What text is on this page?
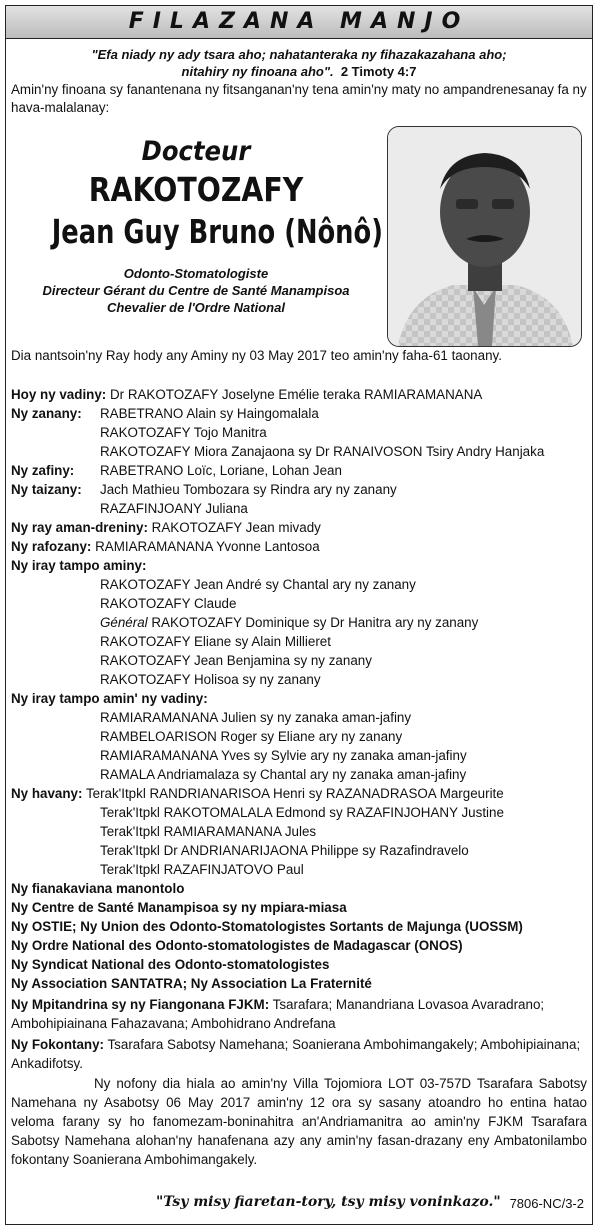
FILAZANA MANJO
"Efa niady ny ady tsara aho; nahatanteraka ny fihazakazahana aho;
nitahiry ny finoana aho". 2 Timoty 4:7
Amin'ny finoana sy fanantenana ny fitsanganan'ny tena amin'ny maty no ampandrenesanay fa ny hava-malalanay:
Docteur
RAKOTOZAFY
Jean Guy Bruno (Nônô)
Odonto-Stomatologiste
Directeur Gérant du Centre de Santé Manampisoa
Chevalier de l'Ordre National
Dia nantsoin'ny Ray hody any Aminy ny 03 May 2017 teo amin'ny faha-61 taonany.
Hoy ny vadiny: Dr RAKOTOZAFY Joselyne Emélie teraka RAMIARAMANANA
Ny zanany: RABETRANO Alain sy Haingomalala
RAKOTOZAFY Tojo Manitra
RAKOTOZAFY Miora Zanajaona sy Dr RANAIVOSON Tsiry Andry Hanjaka
Ny zafiny: RABETRANO Loïc, Loriane, Lohan Jean
Ny taizany: Jach Mathieu Tombozara sy Rindra ary ny zanany
RAZAFINJOANY Juliana
Ny ray aman-dreniny: RAKOTOZAFY Jean mivady
Ny rafozany: RAMIARAMANANA Yvonne Lantosoa
Ny iray tampo aminy:
RAKOTOZAFY Jean André sy Chantal ary ny zanany
RAKOTOZAFY Claude
Général RAKOTOZAFY Dominique sy Dr Hanitra ary ny zanany
RAKOTOZAFY Eliane sy Alain Millieret
RAKOTOZAFY Jean Benjamina sy ny zanany
RAKOTOZAFY Holisoa sy ny zanany
Ny iray tampo amin' ny vadiny:
RAMIARAMANANA Julien sy ny zanaka aman-jafiny
RAMBELOARISON Roger sy Eliane ary ny zanany
RAMIARAMANANA Yves sy Sylvie ary ny zanaka aman-jafiny
RAMALA Andriamalaza sy Chantal ary ny zanaka aman-jafiny
Ny havany: Terak'Itpkl RANDRIANARISOA Henri sy RAZANADRASOA Margeurite
Terak'Itpkl RAKOTOMALALA Edmond sy RAZAFINJOHANY Justine
Terak'Itpkl RAMIARAMANANA Jules
Terak'Itpkl Dr ANDRIANARIJAONA Philippe sy Razafindravelo
Terak'Itpkl RAZAFINJATOVO Paul
Ny fianakaviana manontolo
Ny Centre de Santé Manampisoa sy ny mpiara-miasa
Ny OSTIE; Ny Union des Odonto-Stomatologistes Sortants de Majunga (UOSSM)
Ny Ordre National des Odonto-stomatologistes de Madagascar (ONOS)
Ny Syndicat National des Odonto-stomatologistes
Ny Association SANTATRA; Ny Association La Fraternité
Ny Mpitandrina sy ny Fiangonana FJKM: Tsarafara; Manandriana Lovasoa Avaradrano; Ambohipiainana Fahazavana; Ambohidrano Andrefana
Ny Fokontany: Tsarafara Sabotsy Namehana; Soanierana Ambohimangakely; Ambohipiainana; Ankadifotsy.
Ny nofony dia hiala ao amin'ny Villa Tojomiora LOT 03-757D Tsarafara Sabotsy Namehana ny Asabotsy 06 May 2017 amin'ny 12 ora sy sasany atoandro ho entina hatao veloma farany sy ho fanomezam-boninahitra an'Andriamanitra ao amin'ny FJKM Tsarafara Sabotsy Namehana alohan'ny hanafenana azy any amin'ny fasan-drazany eny Ambatonilambo fokontany Soanierana Ambohimangakely.
"Tsy misy fiaretan-tory, tsy misy voninkazo." 7806-NC/3-2
